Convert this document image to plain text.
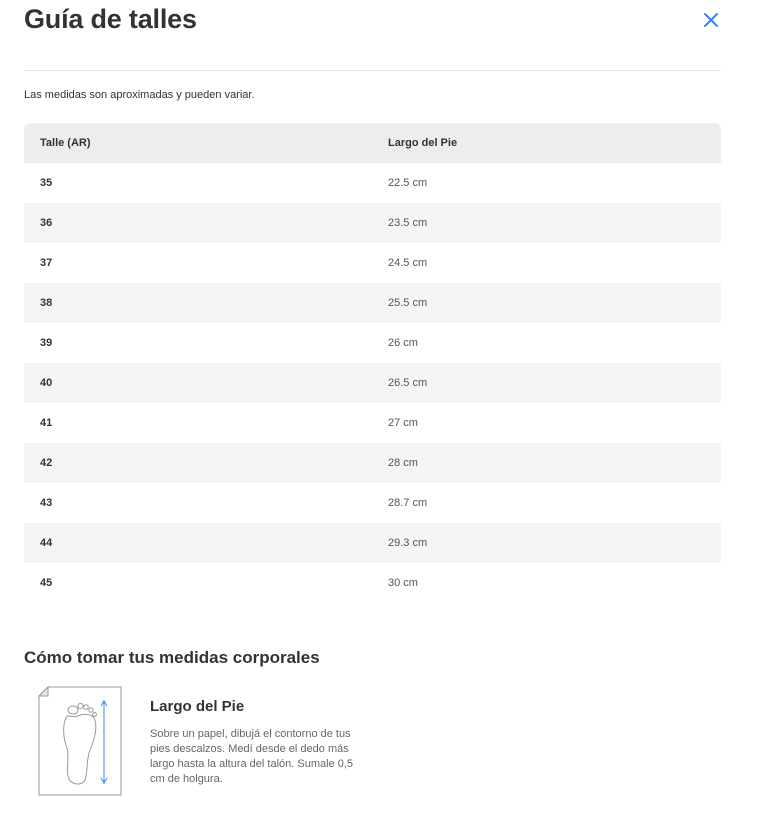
Guía de talles

Las medidas son aproximadas y pueden variar.

Talle (AR)	Largo del Pie
35	22.5 cm
36	23.5 cm
37	24.5 cm
38	25.5 cm
39	26 cm
40	26.5 cm
41	27 cm
42	28 cm
43	28.7 cm
44	29.3 cm
45	30 cm
Cómo tomar tus medidas corporales
Largo del Pie

Sobre un papel, dibujá el contorno de tus pies descalzos. Medí desde el dedo más largo hasta la altura del talón. Sumale 0,5 cm de holgura.
